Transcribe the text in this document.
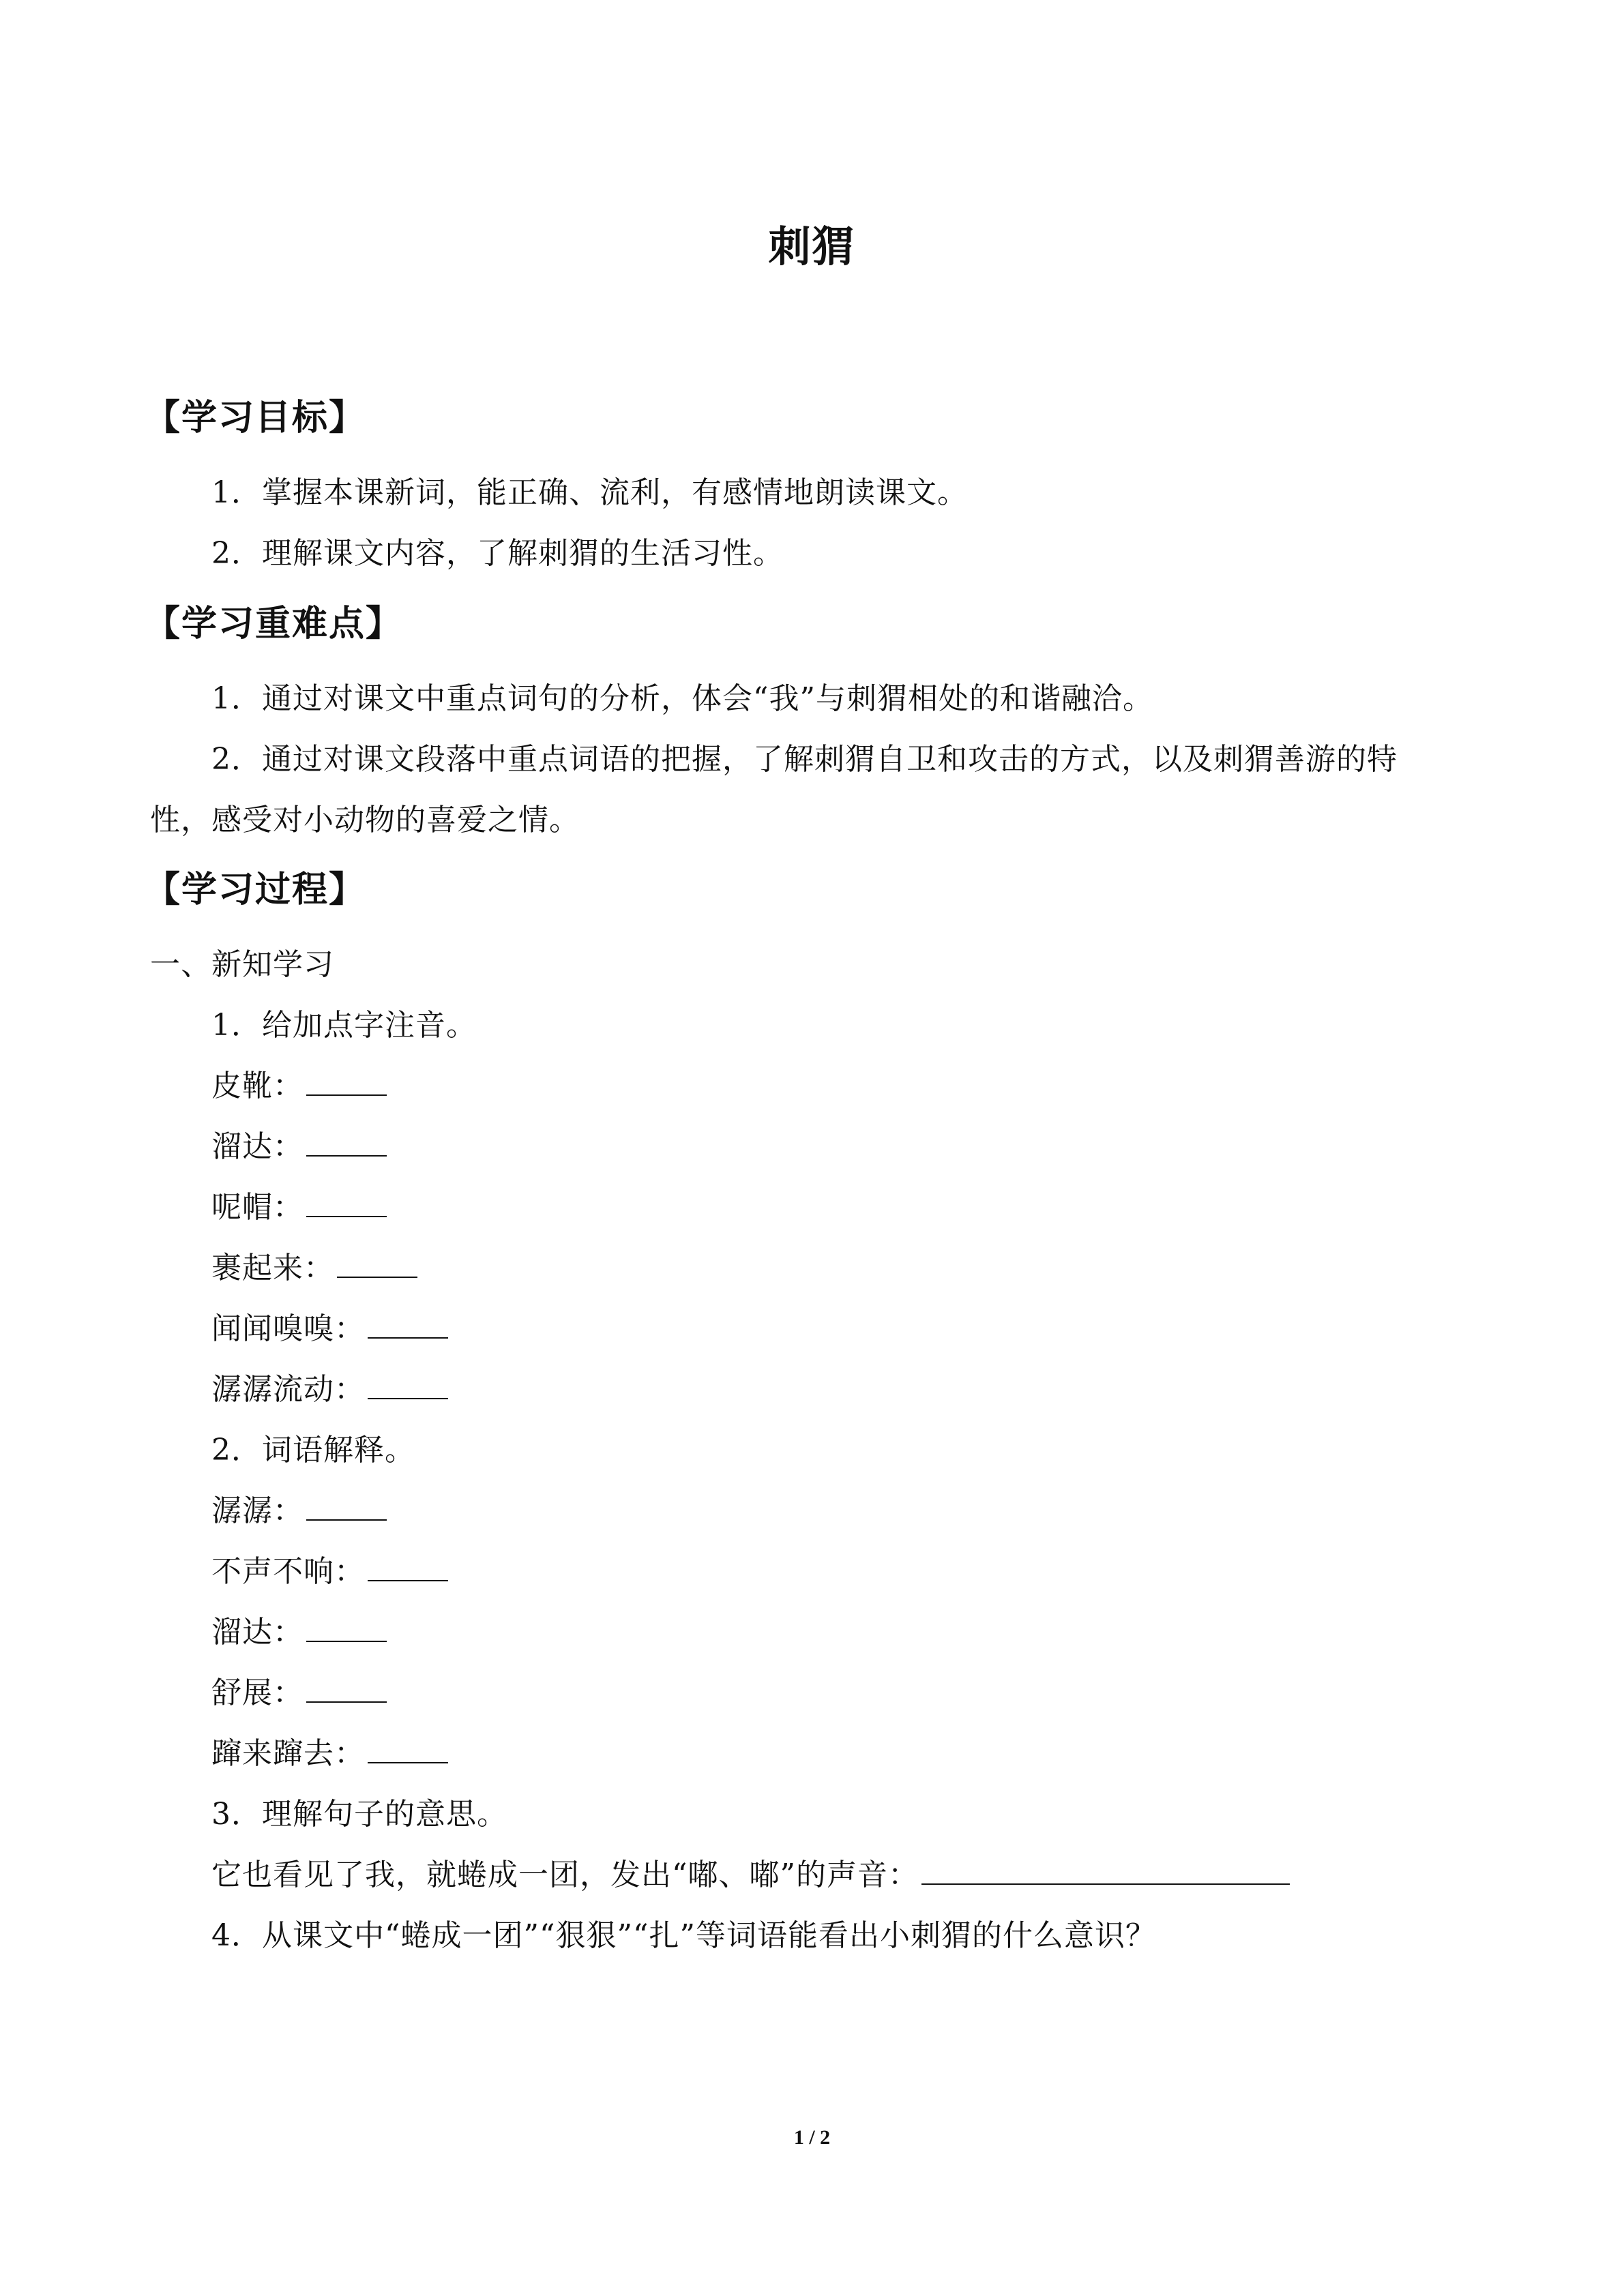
刺猬
【学习目标】
1．掌握本课新词，能正确、流利，有感情地朗读课文。
2．理解课文内容，了解刺猬的生活习性。
【学习重难点】
1．通过对课文中重点词句的分析，体会“我”与刺猬相处的和谐融洽。
2．通过对课文段落中重点词语的把握，了解刺猬自卫和攻击的方式，以及刺猬善游的特
性，感受对小动物的喜爱之情。
【学习过程】
一、新知学习
1．给加点字注音。
皮靴：
溜达：
呢帽：
裹起来：
闻闻嗅嗅：
潺潺流动：
2．词语解释。
潺潺：
不声不响：
溜达：
舒展：
蹿来蹿去：
3．理解句子的意思。
它也看见了我，就蜷成一团，发出“嘟、嘟”的声音：
4．从课文中“蜷成一团”“狠狠”“扎”等词语能看出小刺猬的什么意识？
1 / 2
